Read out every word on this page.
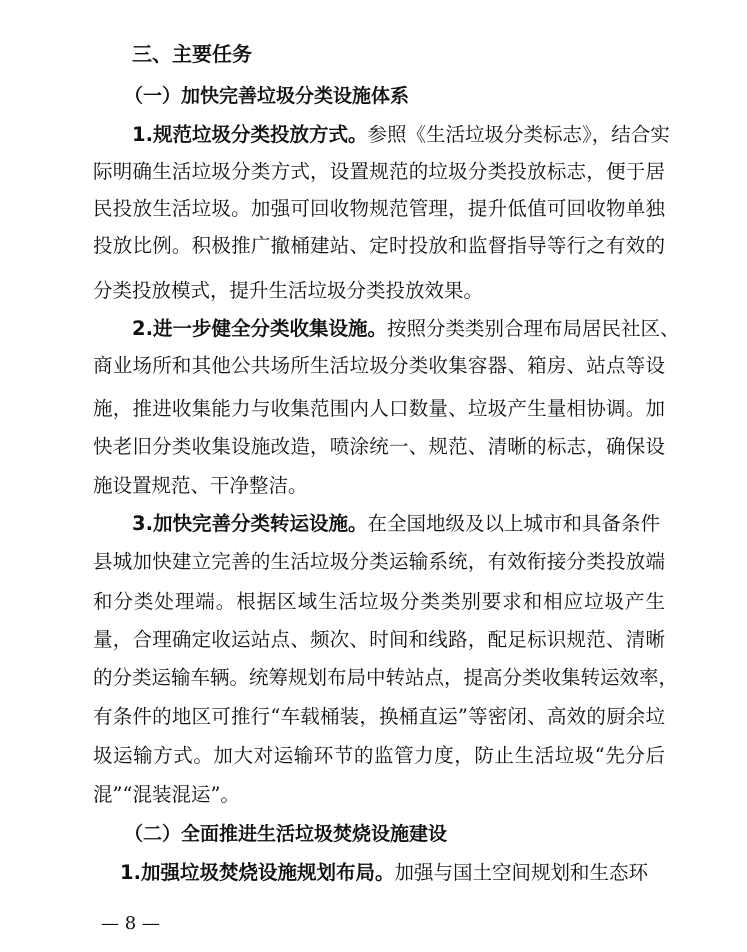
三、主要任务
（一）加快完善垃圾分类设施体系
1.规范垃圾分类投放方式。参照《生活垃圾分类标志》，结合实
际明确生活垃圾分类方式，设置规范的垃圾分类投放标志，便于居
民投放生活垃圾。加强可回收物规范管理，提升低值可回收物单独
投放比例。积极推广撤桶建站、定时投放和监督指导等行之有效的
分类投放模式，提升生活垃圾分类投放效果。
2.进一步健全分类收集设施。按照分类类别合理布局居民社区、
商业场所和其他公共场所生活垃圾分类收集容器、箱房、站点等设
施，推进收集能力与收集范围内人口数量、垃圾产生量相协调。加
快老旧分类收集设施改造，喷涂统一、规范、清晰的标志，确保设
施设置规范、干净整洁。
3.加快完善分类转运设施。在全国地级及以上城市和具备条件
县城加快建立完善的生活垃圾分类运输系统，有效衔接分类投放端
和分类处理端。根据区域生活垃圾分类类别要求和相应垃圾产生
量，合理确定收运站点、频次、时间和线路，配足标识规范、清晰
的分类运输车辆。统筹规划布局中转站点，提高分类收集转运效率，
有条件的地区可推行“车载桶装，换桶直运”等密闭、高效的厨余垃
圾运输方式。加大对运输环节的监管力度，防止生活垃圾“先分后
混”“混装混运”。
（二）全面推进生活垃圾焚烧设施建设
1.加强垃圾焚烧设施规划布局。加强与国土空间规划和生态环
— 8 —
